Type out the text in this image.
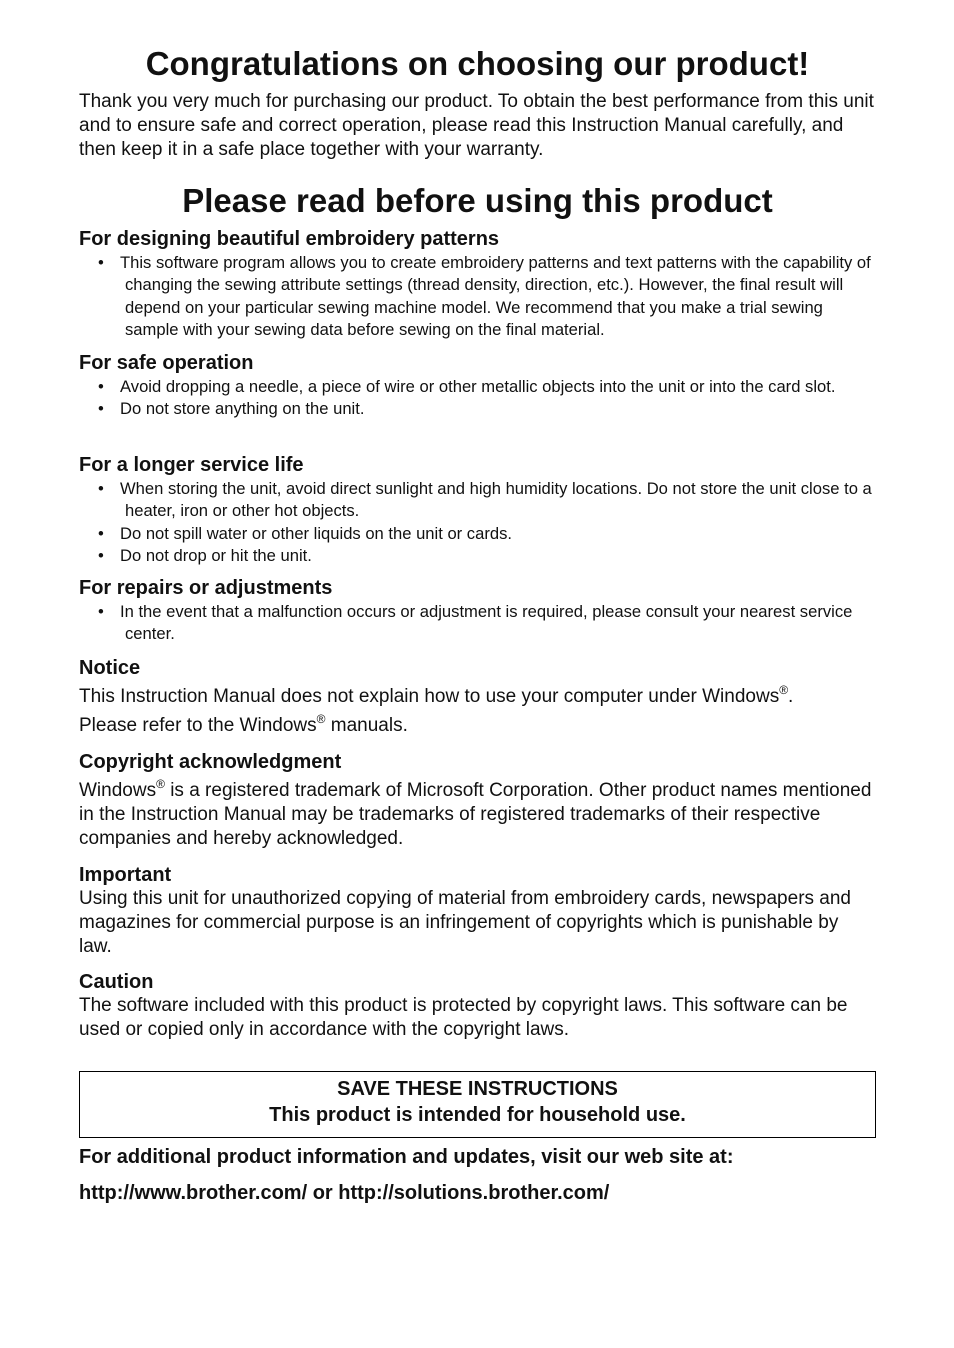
Congratulations on choosing our product!

Thank you very much for purchasing our product. To obtain the best performance from this unit and to ensure safe and correct operation, please read this Instruction Manual carefully, and then keep it in a safe place together with your warranty.

Please read before using this product
For designing beautiful embroidery patterns
• This software program allows you to create embroidery patterns and text patterns with the capability of changing the sewing attribute settings (thread density, direction, etc.). However, the final result will depend on your particular sewing machine model. We recommend that you make a trial sewing sample with your sewing data before sewing on the final material.
For safe operation
• Avoid dropping a needle, a piece of wire or other metallic objects into the unit or into the card slot.
• Do not store anything on the unit.
For a longer service life
• When storing the unit, avoid direct sunlight and high humidity locations. Do not store the unit close to a heater, iron or other hot objects.
• Do not spill water or other liquids on the unit or cards.
• Do not drop or hit the unit.
For repairs or adjustments
• In the event that a malfunction occurs or adjustment is required, please consult your nearest service center.
Notice

This Instruction Manual does not explain how to use your computer under Windows®.
Please refer to the Windows® manuals.

Copyright acknowledgment

Windows® is a registered trademark of Microsoft Corporation. Other product names mentioned in the Instruction Manual may be trademarks of registered trademarks of their respective companies and hereby acknowledged.

Important

Using this unit for unauthorized copying of material from embroidery cards, newspapers and magazines for commercial purpose is an infringement of copyrights which is punishable by law.

Caution

The software included with this product is protected by copyright laws. This software can be used or copied only in accordance with the copyright laws.

SAVE THESE INSTRUCTIONS
This product is intended for household use.

For additional product information and updates, visit our web site at:

http://www.brother.com/ or http://solutions.brother.com/
